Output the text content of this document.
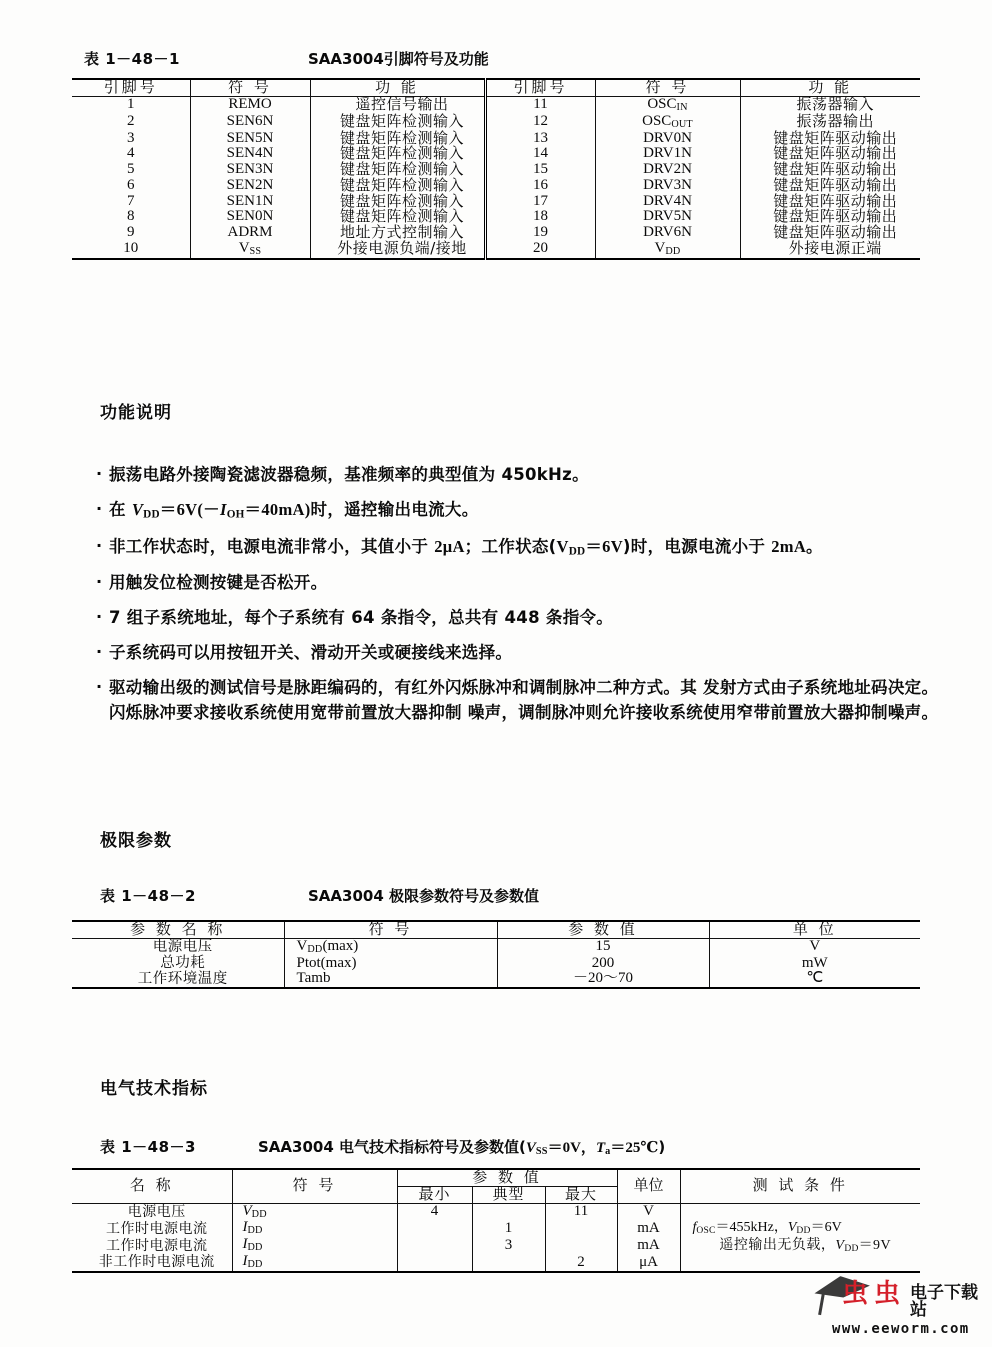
表 1－48－1	SAA3004引脚符号及功能
引脚号	符 号	功 能	引脚号	符 号	功 能
1	REMO	遥控信号输出	11	$OSC_{IN}$	振荡器输入
2	SEN6N	键盘矩阵检测输入	12	$OSC_{OUT}$	振荡器输出
3	SEN5N	键盘矩阵检测输入	13	DRV0N	键盘矩阵驱动输出
4	SEN4N	键盘矩阵检测输入	14	DRV1N	键盘矩阵驱动输出
5	SEN3N	键盘矩阵检测输入	15	DRV2N	键盘矩阵驱动输出
6	SEN2N	键盘矩阵检测输入	16	DRV3N	键盘矩阵驱动输出
7	SEN1N	键盘矩阵检测输入	17	DRV4N	键盘矩阵驱动输出
8	SEN0N	键盘矩阵检测输入	18	DRV5N	键盘矩阵驱动输出
9	ADRM	地址方式控制输入	19	DRV6N	键盘矩阵驱动输出
10	$V_{SS}$	外接电源负端/接地	20	$V_{DD}$	外接电源正端
功能说明
· 振荡电路外接陶瓷滤波器稳频，基准频率的典型值为 450kHz。
· 在 $V_{DD}=6V(-I_{OH}=40mA)$时，遥控输出电流大。
· 非工作状态时，电源电流非常小，其值小于 2μA；工作状态$(V_{DD}=6V)$时，电源电流小于 2mA。
· 用触发位检测按键是否松开。
· 7 组子系统地址，每个子系统有 64 条指令，总共有 448 条指令。
· 子系统码可以用按钮开关、滑动开关或硬接线来选择。
· 驱动输出级的测试信号是脉距编码的，有红外闪烁脉冲和调制脉冲二种方式。其 发射方式由子系统地址码决定。闪烁脉冲要求接收系统使用宽带前置放大器抑制 噪声，调制脉冲则允许接收系统使用窄带前置放大器抑制噪声。
极限参数
表 1－48－2	SAA3004 极限参数符号及参数值
参 数 名 称	符 号	参 数 值	单 位
电源电压	$V_{DD}(\max)$	15	V
总功耗	Ptot(max)	200	mW
工作环境温度	Tamb	－20～70	℃
电气技术指标
表 1－48－3	SAA3004 电气技术指标符号及参数值($V_{SS}=0V$，$T_a=25℃$)
名 称	符 号	参 数 值			单位	测 试 条 件
		最小	典型	最大		
电源电压	$V_{DD}$	4		11	V	
工作时电源电流	$I_{DD}$		1		mA	$f_{OSC}=455kHz$，$V_{DD}=6V$
工作时电源电流	$I_{DD}$		3		mA	遥控输出无负载，$V_{DD}=9V$
非工作时电源电流	$I_{DD}$			2	μA	
虫虫 电子下载站
www.eeworm.com
